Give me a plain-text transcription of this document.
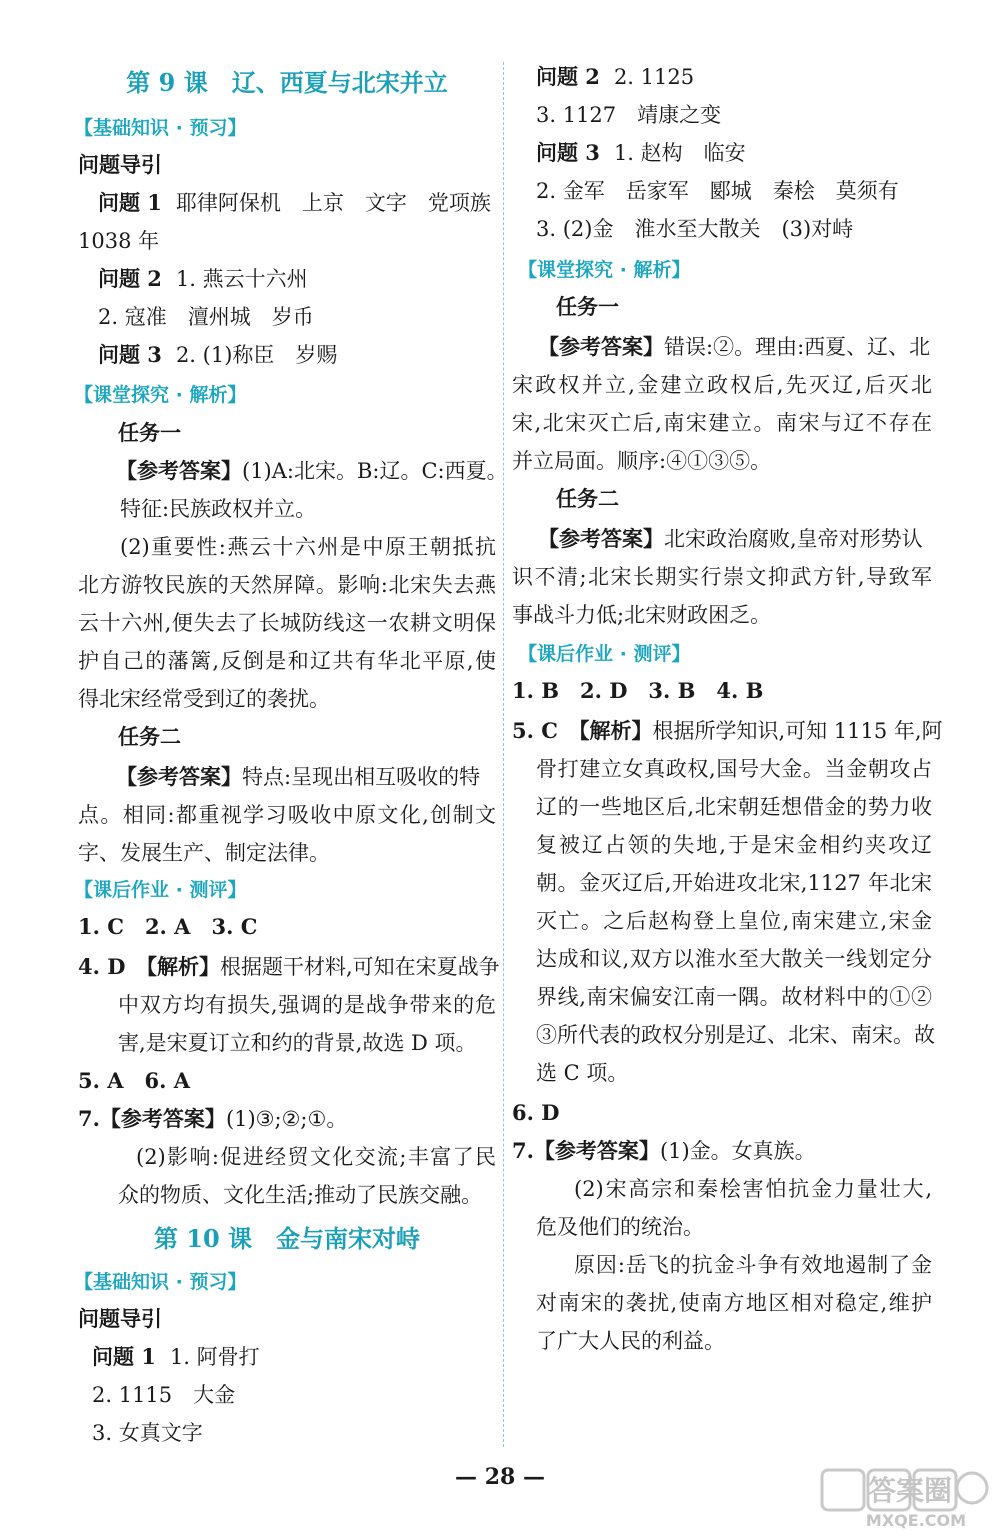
第 9 课　辽、西夏与北宋并立
【基础知识 · 预习】
问题导引
问题 1 耶律阿保机　上京　文字　党项族
1038 年
问题 2 1. 燕云十六州
2. 寇准　澶州城　岁币
问题 3 2. (1)称臣　岁赐
【课堂探究 · 解析】
任务一
【参考答案】(1)A:北宋。B:辽。C:西夏。
特征:民族政权并立。
(2)重要性:燕云十六州是中原王朝抵抗
北方游牧民族的天然屏障。影响:北宋失去燕
云十六州,便失去了长城防线这一农耕文明保
护自己的藩篱,反倒是和辽共有华北平原,使
得北宋经常受到辽的袭扰。
任务二
【参考答案】特点:呈现出相互吸收的特
点。相同:都重视学习吸收中原文化,创制文
字、发展生产、制定法律。
【课后作业 · 测评】
1. C　2. A　3. C
4. D　【解析】根据题干材料,可知在宋夏战争
中双方均有损失,强调的是战争带来的危
害,是宋夏订立和约的背景,故选 D 项。
5. A　6. A
7.【参考答案】(1)③;②;①。
(2)影响:促进经贸文化交流;丰富了民
众的物质、文化生活;推动了民族交融。
第 10 课　金与南宋对峙
【基础知识 · 预习】
问题导引
问题 1 1. 阿骨打
2. 1115　大金
3. 女真文字
问题 2 2. 1125
3. 1127　靖康之变
问题 3 1. 赵构　临安
2. 金军　岳家军　郾城　秦桧　莫须有
3. (2)金　淮水至大散关　(3)对峙
【课堂探究 · 解析】
任务一
【参考答案】错误:②。理由:西夏、辽、北
宋政权并立,金建立政权后,先灭辽,后灭北
宋,北宋灭亡后,南宋建立。南宋与辽不存在
并立局面。顺序:④①③⑤。
任务二
【参考答案】北宋政治腐败,皇帝对形势认
识不清;北宋长期实行崇文抑武方针,导致军
事战斗力低;北宋财政困乏。
【课后作业 · 测评】
1. B　2. D　3. B　4. B
5. C　【解析】根据所学知识,可知 1115 年,阿
骨打建立女真政权,国号大金。当金朝攻占
辽的一些地区后,北宋朝廷想借金的势力收
复被辽占领的失地,于是宋金相约夹攻辽
朝。金灭辽后,开始进攻北宋,1127 年北宋
灭亡。之后赵构登上皇位,南宋建立,宋金
达成和议,双方以淮水至大散关一线划定分
界线,南宋偏安江南一隅。故材料中的①②
③所代表的政权分别是辽、北宋、南宋。故
选 C 项。
6. D
7.【参考答案】(1)金。女真族。
(2)宋高宗和秦桧害怕抗金力量壮大,
危及他们的统治。
原因:岳飞的抗金斗争有效地遏制了金
对南宋的袭扰,使南方地区相对稳定,维护
了广大人民的利益。
— 28 —	答案圈
MXQE.COM
